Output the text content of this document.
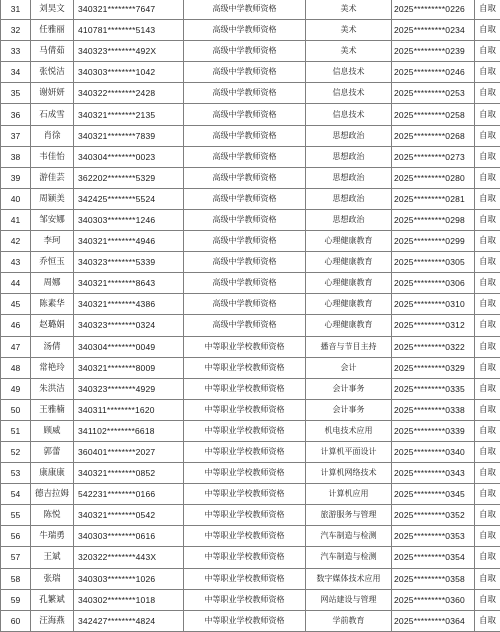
31	刘昊文	340321********7647	高级中学教师资格	美术	2025*********0226	自取
32	任雅丽	410781********5143	高级中学教师资格	美术	2025*********0234	自取
33	马倩茹	340323********492X	高级中学教师资格	美术	2025*********0239	自取
34	张悦洁	340303********1042	高级中学教师资格	信息技术	2025*********0246	自取
35	谢妍妍	340322********2428	高级中学教师资格	信息技术	2025*********0253	自取
36	石成雪	340321********2135	高级中学教师资格	信息技术	2025*********0258	自取
37	肖徐	340321********7839	高级中学教师资格	思想政治	2025*********0268	自取
38	韦佳怡	340304********0023	高级中学教师资格	思想政治	2025*********0273	自取
39	游佳芸	362202********5329	高级中学教师资格	思想政治	2025*********0280	自取
40	周颖美	342425********5524	高级中学教师资格	思想政治	2025*********0281	自取
41	邹安娜	340303********1246	高级中学教师资格	思想政治	2025*********0298	自取
42	李珂	340321********4946	高级中学教师资格	心理健康教育	2025*********0299	自取
43	乔恒玉	340323********5339	高级中学教师资格	心理健康教育	2025*********0305	自取
44	周娜	340321********8643	高级中学教师资格	心理健康教育	2025*********0306	自取
45	陈素华	340321********4386	高级中学教师资格	心理健康教育	2025*********0310	自取
46	赵璐娟	340323********0324	高级中学教师资格	心理健康教育	2025*********0312	自取
47	汤倩	340304********0049	中等职业学校教师资格	播音与节目主持	2025*********0322	自取
48	常艳玲	340321********8009	中等职业学校教师资格	会计	2025*********0329	自取
49	朱洪洁	340323********4929	中等职业学校教师资格	会计事务	2025*********0335	自取
50	王雅楠	340311********1620	中等职业学校教师资格	会计事务	2025*********0338	自取
51	顾威	341102********6618	中等职业学校教师资格	机电技术应用	2025*********0339	自取
52	郭蕾	360401********2027	中等职业学校教师资格	计算机平面设计	2025*********0340	自取
53	康康康	340321********0852	中等职业学校教师资格	计算机网络技术	2025*********0343	自取
54	德吉拉姆	542231********0166	中等职业学校教师资格	计算机应用	2025*********0345	自取
55	陈悦	340321********0542	中等职业学校教师资格	旅游服务与管理	2025*********0352	自取
56	牛瑞勇	340303********0616	中等职业学校教师资格	汽车制造与检测	2025*********0353	自取
57	王斌	320322********443X	中等职业学校教师资格	汽车制造与检测	2025*********0354	自取
58	张瑞	340303********1026	中等职业学校教师资格	数字媒体技术应用	2025*********0358	自取
59	孔繁斌	340302********1018	中等职业学校教师资格	网站建设与管理	2025*********0360	自取
60	汪海燕	342427********4824	中等职业学校教师资格	学前教育	2025*********0364	自取
